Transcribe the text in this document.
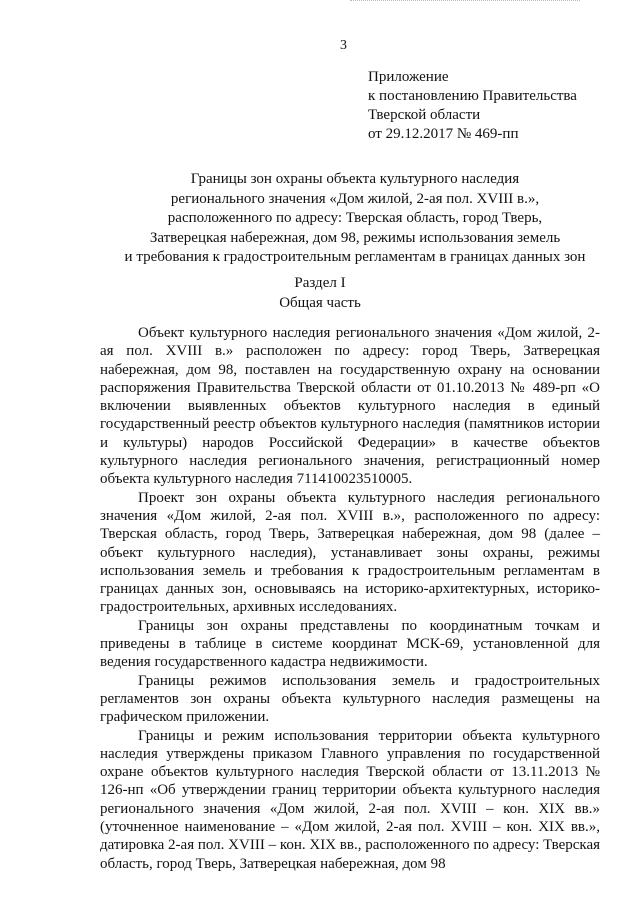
3
Приложение
к постановлению Правительства
Тверской области
от 29.12.2017 № 469-пп
Границы зон охраны объекта культурного наследия
регионального значения «Дом жилой, 2-ая пол. XVIII в.»,
расположенного по адресу: Тверская область, город Тверь,
Затверецкая набережная, дом 98, режимы использования земель
и требования к градостроительным регламентам в границах данных зон
Раздел I
Общая часть

Объект культурного наследия регионального значения «Дом жилой, 2-ая пол. XVIII в.» расположен по адресу: город Тверь, Затверецкая набережная, дом 98, поставлен на государственную охрану на основании распоряжения Правительства Тверской области от 01.10.2013 № 489-рп «О включении выявленных объектов культурного наследия в единый государственный реестр объектов культурного наследия (памятников истории и культуры) народов Российской Федерации» в качестве объектов культурного наследия регионального значения, регистрационный номер объекта культурного наследия 711410023510005.

Проект зон охраны объекта культурного наследия регионального значения «Дом жилой, 2-ая пол. XVIII в.», расположенного по адресу: Тверская область, город Тверь, Затверецкая набережная, дом 98 (далее – объект культурного наследия), устанавливает зоны охраны, режимы использования земель и требования к градостроительным регламентам в границах данных зон, основываясь на историко-архитектурных, историко-градостроительных, архивных исследованиях.

Границы зон охраны представлены по координатным точкам и приведены в таблице в системе координат МСК-69, установленной для ведения государственного кадастра недвижимости.

Границы режимов использования земель и градостроительных регламентов зон охраны объекта культурного наследия размещены на графическом приложении.

Границы и режим использования территории объекта культурного наследия утверждены приказом Главного управления по государственной охране объектов культурного наследия Тверской области от 13.11.2013 № 126-нп «Об утверждении границ территории объекта культурного наследия регионального значения «Дом жилой, 2-ая пол. XVIII – кон. XIX вв.» (уточненное наименование – «Дом жилой, 2-ая пол. XVIII – кон. XIX вв.», датировка 2-ая пол. XVIII – кон. XIX вв., расположенного по адресу: Тверская область, город Тверь, Затверецкая набережная, дом 98
